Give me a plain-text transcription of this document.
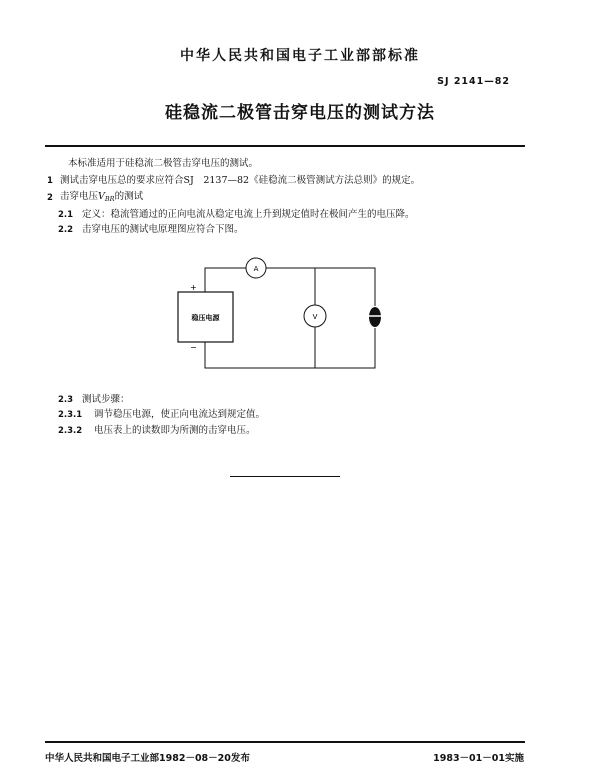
中华人民共和国电子工业部部标准
SJ 2141—82
硅稳流二极管击穿电压的测试方法
本标准适用于硅稳流二极管击穿电压的测试。
1 测试击穿电压总的要求应符合SJ　2137—82《硅稳流二极管测试方法总则》的规定。
2 击穿电压$V_{BR}$的测试
2.1 定义：稳流管通过的正向电流从稳定电流上升到规定值时在极间产生的电压降。
2.2 击穿电压的测试电原理图应符合下图。
稳压电源
+
−
A
V
2.3 测试步骤：
2.3.1 调节稳压电源，使正向电流达到规定值。
2.3.2 电压表上的读数即为所测的击穿电压。
中华人民共和国电子工业部1982－08－20发布	1983－01－01实施
